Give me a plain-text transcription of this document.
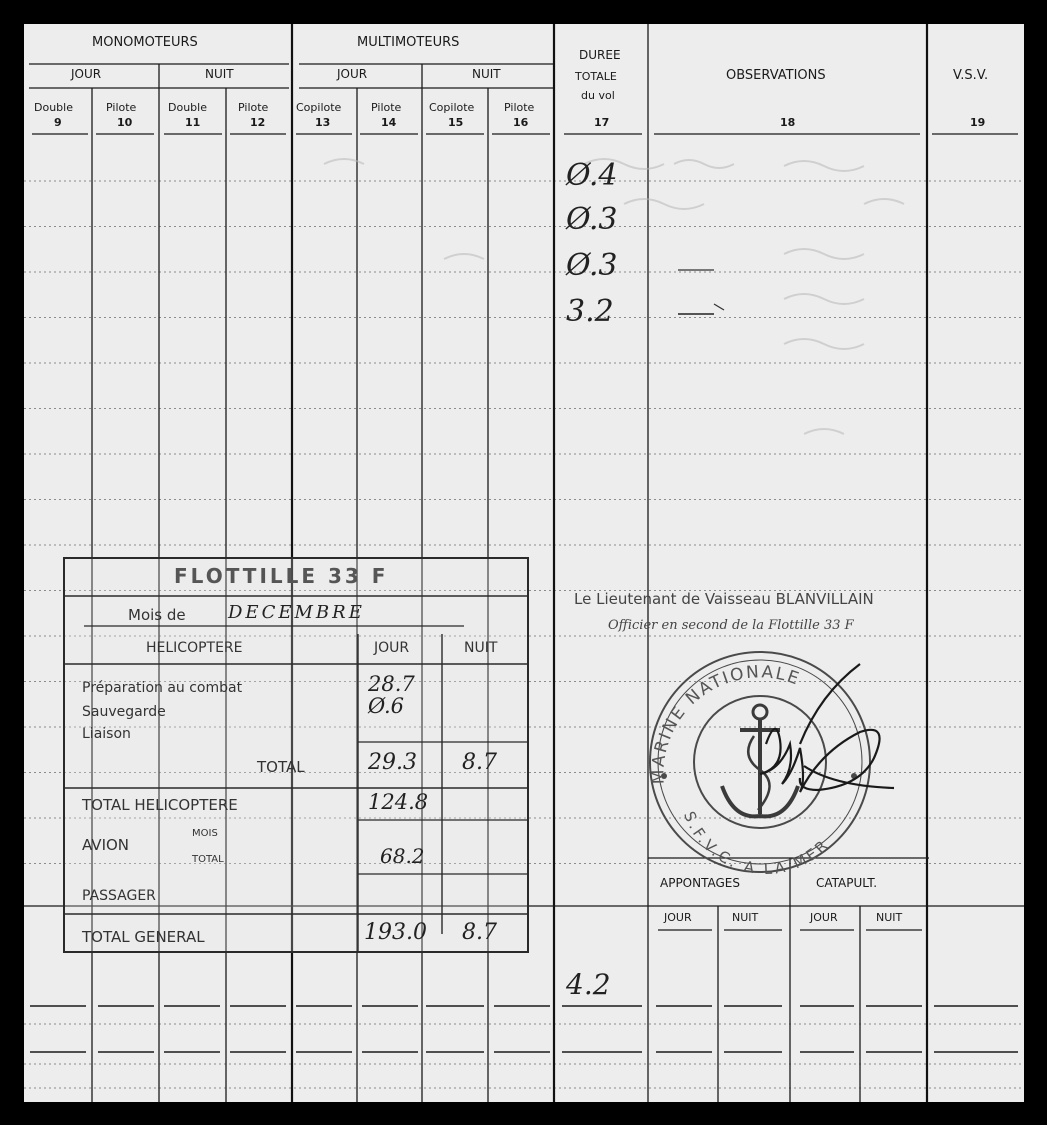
MONOMOTEURS	MULTIMOTEURS

JOUR	NUIT	JOUR	NUIT

DUREE

TOTALE

du vol

OBSERVATIONS	V.S.V.

Double	Pilote	Double	Pilote	Copilote	Pilote	Copilote	Pilote

9	10	11	12	13	14	15	16	17	18	19

Ø.4

Ø.3

Ø.3

3.2

4.2

FLOTTILLE 33 F

Mois de DECEMBRE

HELICOPTERE	JOUR	NUIT

Préparation au combat	28.7

Sauvegarde	Ø.6

Liaison

TOTAL	29.3 8.7

TOTAL HELICOPTERE	124.8

AVION

MOIS

TOTAL	68.2

PASSAGER

TOTAL GENERAL	193.0 8.7

Le Lieutenant de Vaisseau BLANVILLAIN

Officier en second de la Flottille 33 F

MARINE NATIONALE
S.F.V.C. A LA MER

APPONTAGES	CATAPULT.

JOUR	NUIT	JOUR	NUIT
